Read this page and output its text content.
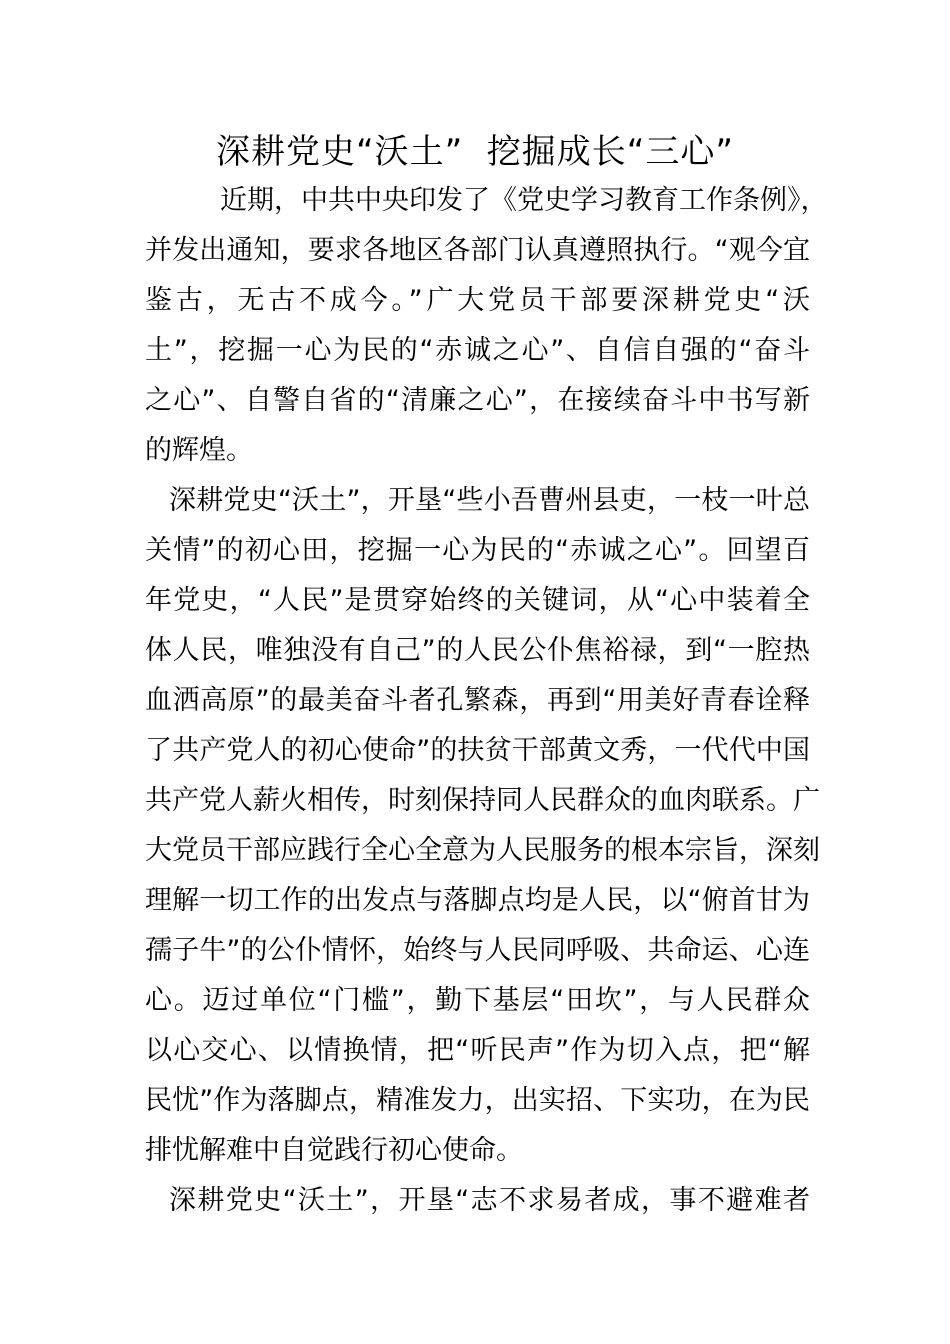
深耕党史“沃土”  挖掘成长“三心”
近期，中共中央印发了《党史学习教育工作条例》，
并发出通知，要求各地区各部门认真遵照执行。“观今宜
鉴古，无古不成今。”广大党员干部要深耕党史“沃
土”，挖掘一心为民的“赤诚之心”、自信自强的“奋斗
之心”、自警自省的“清廉之心”，在接续奋斗中书写新
的辉煌。
深耕党史“沃土”，开垦“些小吾曹州县吏，一枝一叶总
关情”的初心田，挖掘一心为民的“赤诚之心”。回望百
年党史，“人民”是贯穿始终的关键词，从“心中装着全
体人民，唯独没有自己”的人民公仆焦裕禄，到“一腔热
血洒高原”的最美奋斗者孔繁森，再到“用美好青春诠释
了共产党人的初心使命”的扶贫干部黄文秀，一代代中国
共产党人薪火相传，时刻保持同人民群众的血肉联系。广
大党员干部应践行全心全意为人民服务的根本宗旨，深刻
理解一切工作的出发点与落脚点均是人民，以“俯首甘为
孺子牛”的公仆情怀，始终与人民同呼吸、共命运、心连
心。迈过单位“门槛”，勤下基层“田坎”，与人民群众
以心交心、以情换情，把“听民声”作为切入点，把“解
民忧”作为落脚点，精准发力，出实招、下实功，在为民
排忧解难中自觉践行初心使命。
深耕党史“沃土”，开垦“志不求易者成，事不避难者
